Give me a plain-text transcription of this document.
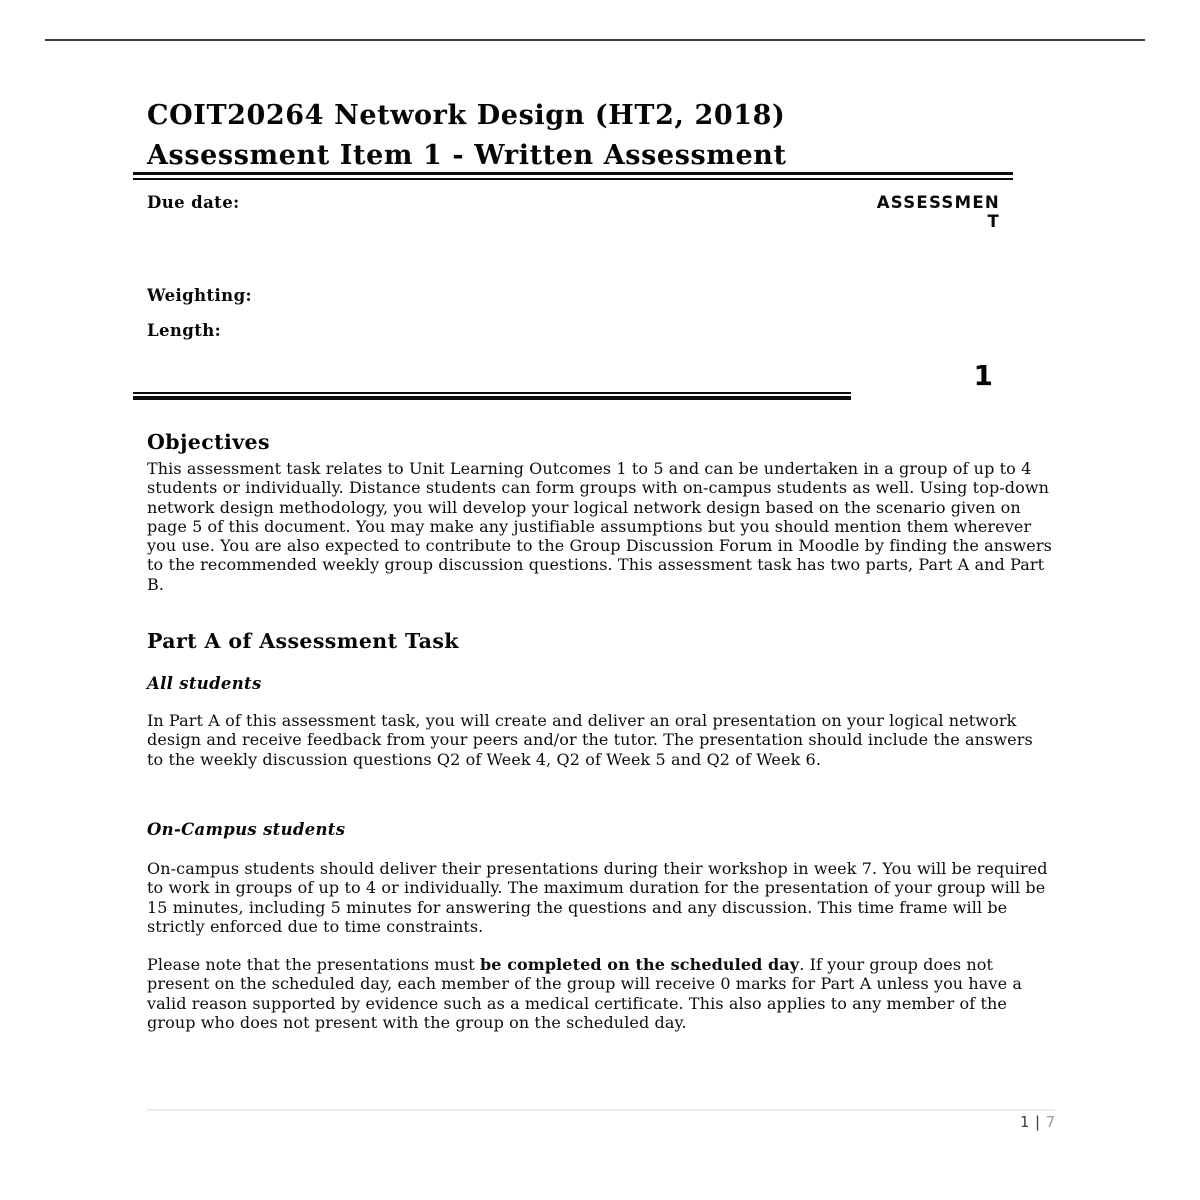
COIT20264 Network Design (HT2, 2018)
Assessment Item 1 - Written Assessment
Due date:	ASSESSMEN
T
Weighting:
Length:
1
Objectives

This assessment task relates to Unit Learning Outcomes 1 to 5 and can be undertaken in a group of up to 4 students or individually. Distance students can form groups with on-campus students as well. Using top-down network design methodology, you will develop your logical network design based on the scenario given on page 5 of this document. You may make any justifiable assumptions but you should mention them wherever you use. You are also expected to contribute to the Group Discussion Forum in Moodle by finding the answers to the recommended weekly group discussion questions. This assessment task has two parts, Part A and Part B.

Part A of Assessment Task
All students

In Part A of this assessment task, you will create and deliver an oral presentation on your logical network design and receive feedback from your peers and/or the tutor. The presentation should include the answers to the weekly discussion questions Q2 of Week 4, Q2 of Week 5 and Q2 of Week 6.

On-Campus students

On-campus students should deliver their presentations during their workshop in week 7. You will be required to work in groups of up to 4 or individually. The maximum duration for the presentation of your group will be 15 minutes, including 5 minutes for answering the questions and any discussion. This time frame will be strictly enforced due to time constraints.

Please note that the presentations must be completed on the scheduled day. If your group does not present on the scheduled day, each member of the group will receive 0 marks for Part A unless you have a valid reason supported by evidence such as a medical certificate. This also applies to any member of the group who does not present with the group on the scheduled day.

1 | 7
